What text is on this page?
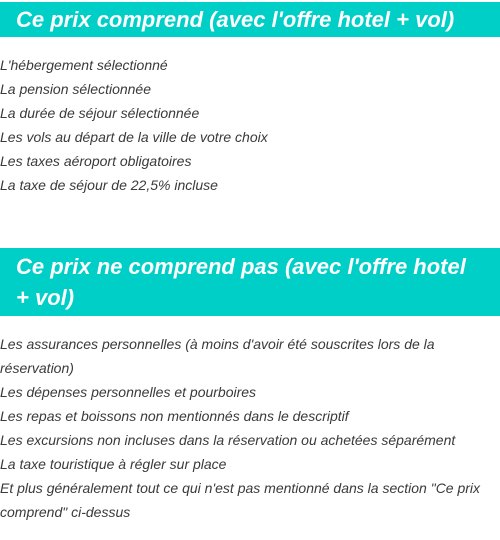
Ce prix comprend (avec l'offre hotel + vol)
L'hébergement sélectionné
La pension sélectionnée
La durée de séjour sélectionnée
Les vols au départ de la ville de votre choix
Les taxes aéroport obligatoires
La taxe de séjour de 22,5% incluse
Ce prix ne comprend pas (avec l'offre hotel + vol)
Les assurances personnelles (à moins d'avoir été souscrites lors de la réservation)
Les dépenses personnelles et pourboires
Les repas et boissons non mentionnés dans le descriptif
Les excursions non incluses dans la réservation ou achetées séparément
La taxe touristique à régler sur place
Et plus généralement tout ce qui n'est pas mentionné dans la section "Ce prix comprend" ci-dessus
